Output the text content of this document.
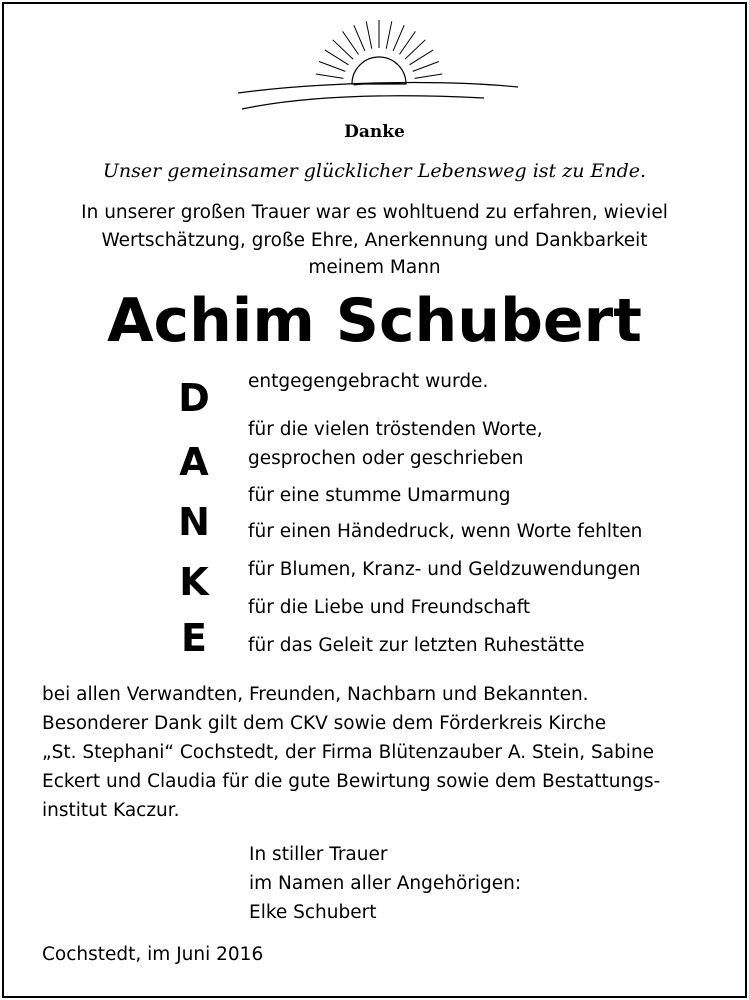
Danke
Unser gemeinsamer glücklicher Lebensweg ist zu Ende.
In unserer großen Trauer war es wohltuend zu erfahren, wieviel
Wertschätzung, große Ehre, Anerkennung und Dankbarkeit
meinem Mann
Achim Schubert
D
A
N
K
E
entgegengebracht wurde.
für die vielen tröstenden Worte,
gesprochen oder geschrieben
für eine stumme Umarmung
für einen Händedruck, wenn Worte fehlten
für Blumen, Kranz- und Geldzuwendungen
für die Liebe und Freundschaft
für das Geleit zur letzten Ruhestätte
bei allen Verwandten, Freunden, Nachbarn und Bekannten.
Besonderer Dank gilt dem CKV sowie dem Förderkreis Kirche
„St. Stephani“ Cochstedt, der Firma Blütenzauber A. Stein, Sabine
Eckert und Claudia für die gute Bewirtung sowie dem Bestattungs-
institut Kaczur.
In stiller Trauer
im Namen aller Angehörigen:
Elke Schubert
Cochstedt, im Juni 2016
